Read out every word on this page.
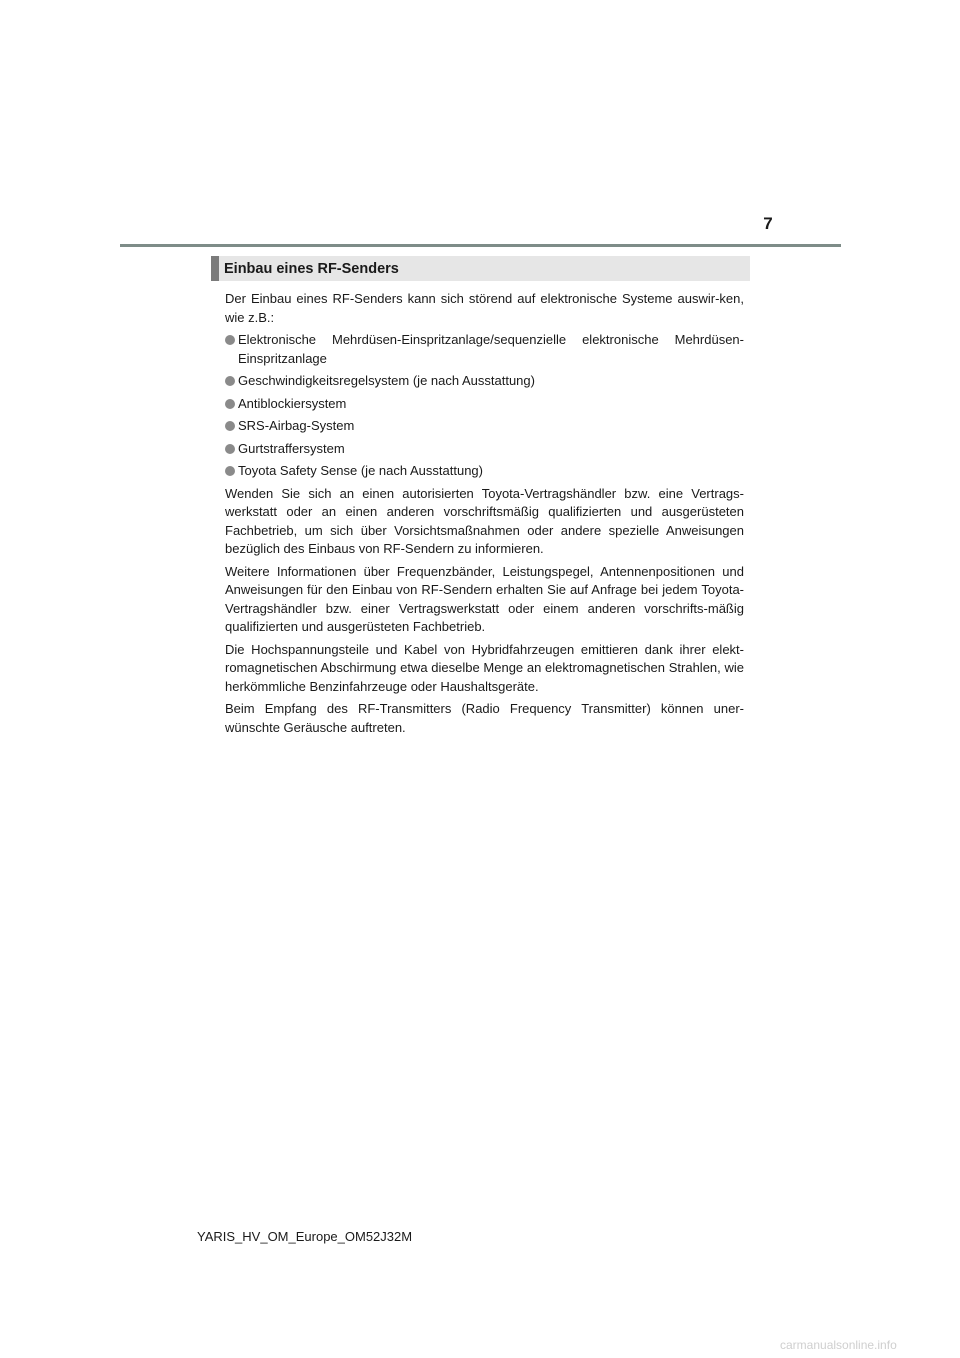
7
Einbau eines RF-Senders

Der Einbau eines RF-Senders kann sich störend auf elektronische Systeme auswir-ken, wie z.B.:

Elektronische Mehrdüsen-Einspritzanlage/sequenzielle elektronische Mehrdüsen-Einspritzanlage
Geschwindigkeitsregelsystem (je nach Ausstattung)
Antiblockiersystem
SRS-Airbag-System
Gurtstraffersystem
Toyota Safety Sense (je nach Ausstattung)

Wenden Sie sich an einen autorisierten Toyota-Vertragshändler bzw. eine Vertrags-werkstatt oder an einen anderen vorschriftsmäßig qualifizierten und ausgerüsteten Fachbetrieb, um sich über Vorsichtsmaßnahmen oder andere spezielle Anweisungen bezüglich des Einbaus von RF-Sendern zu informieren.

Weitere Informationen über Frequenzbänder, Leistungspegel, Antennenpositionen und Anweisungen für den Einbau von RF-Sendern erhalten Sie auf Anfrage bei jedem Toyota-Vertragshändler bzw. einer Vertragswerkstatt oder einem anderen vorschrifts-mäßig qualifizierten und ausgerüsteten Fachbetrieb.

Die Hochspannungsteile und Kabel von Hybridfahrzeugen emittieren dank ihrer elekt-romagnetischen Abschirmung etwa dieselbe Menge an elektromagnetischen Strahlen, wie herkömmliche Benzinfahrzeuge oder Haushaltsgeräte.

Beim Empfang des RF-Transmitters (Radio Frequency Transmitter) können uner-wünschte Geräusche auftreten.

YARIS_HV_OM_Europe_OM52J32M
carmanualsonline.info
